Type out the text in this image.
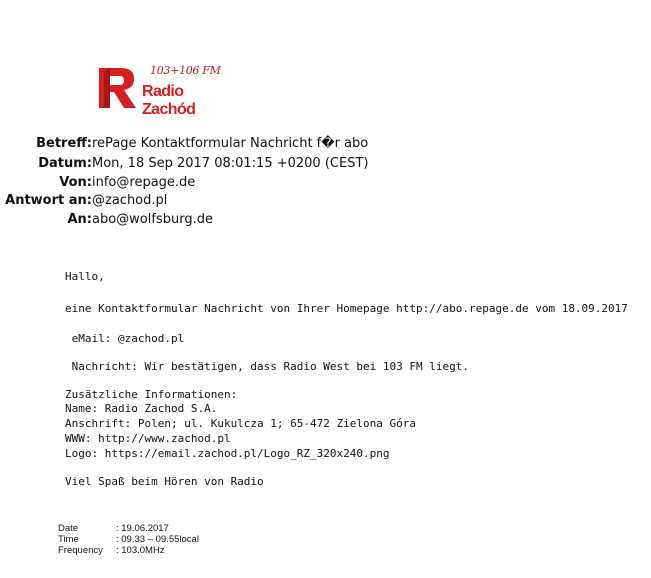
103+106 FM
Radio Zachód
Betreff:rePage Kontaktformular Nachricht f�r abo
Datum:Mon, 18 Sep 2017 08:01:15 +0200 (CEST)
Von:info@repage.de
Antwort an:@zachod.pl
An:abo@wolfsburg.de

Hallo,

eine Kontaktformular Nachricht von Ihrer Homepage http://abo.repage.de vom 18.09.2017

eMail: @zachod.pl

Nachricht: Wir bestätigen, dass Radio West bei 103 FM liegt.

Zusätzliche Informationen:

Name: Radio Zachod S.A.

Anschrift: Polen; ul. Kukulcza 1; 65-472 Zielona Góra

WWW: http://www.zachod.pl

Logo: https://email.zachod.pl/Logo_RZ_320x240.png

Viel Spaß beim Hören von Radio

Date	: 19.06.2017
Time	: 09.33 – 09.55local
Frequency : 103.0MHz
